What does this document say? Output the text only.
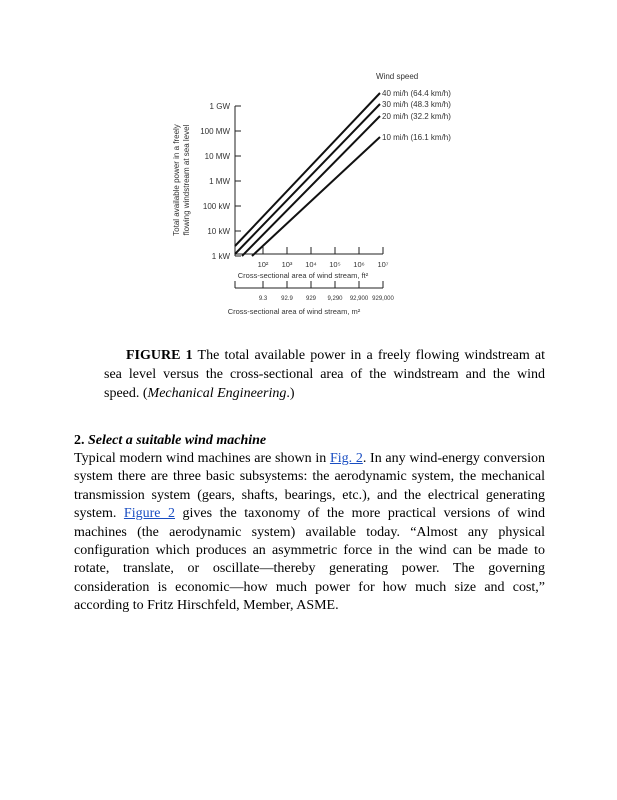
1 kW
10 kW
100 kW
1 MW
10 MW
100 MW
1 GW
10² 10³ 10⁴ 10⁵ 10⁶ 10⁷
9.3 92.9 929 9,290 92,900 929,000
40 mi/h (64.4 km/h)
30 mi/h (48.3 km/h)
20 mi/h (32.2 km/h)
10 mi/h (16.1 km/h)
Wind speed
Cross-sectional area of wind stream, ft²
Cross-sectional area of wind stream, m²
Total available power in a freely flowing windstream at sea level
FIGURE 1 The total available power in a freely flowing windstream at sea level versus the cross-sectional area of the windstream and the wind speed. (Mechanical Engineering.)
2. Select a suitable wind machine
Typical modern wind machines are shown in Fig. 2. In any wind-energy conversion system there are three basic subsystems: the aerodynamic system, the mechanical transmission system (gears, shafts, bearings, etc.), and the electrical generating system. Figure 2 gives the taxonomy of the more practical versions of wind machines (the aerodynamic system) available today. “Almost any physical configuration which produces an asymmetric force in the wind can be made to rotate, translate, or oscillate—thereby generating power. The governing consideration is economic—how much power for how much size and cost,” according to Fritz Hirschfeld, Member, ASME.
